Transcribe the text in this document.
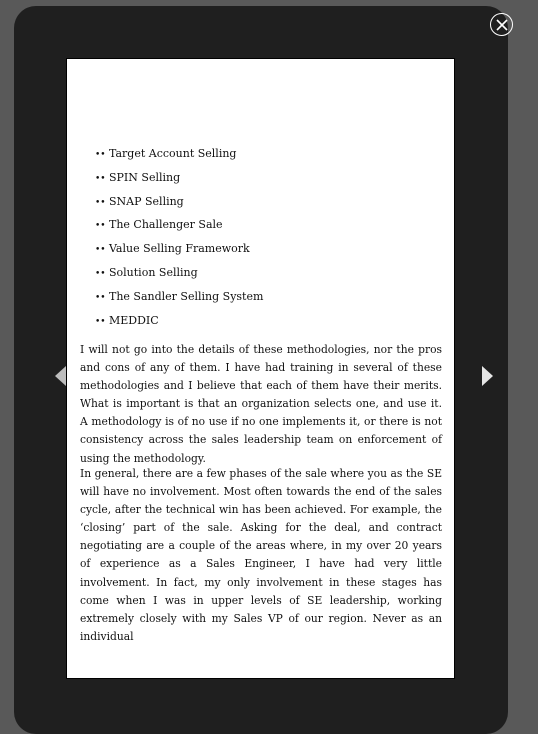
•• Target Account Selling
•• SPIN Selling
•• SNAP Selling
•• The Challenger Sale
•• Value Selling Framework
•• Solution Selling
•• The Sandler Selling System
•• MEDDIC

I will not go into the details of these methodologies, nor the pros and cons of any of them. I have had training in several of these methodologies and I believe that each of them have their merits. What is important is that an organization selects one, and use it. A methodology is of no use if no one implements it, or there is not consistency across the sales leadership team on enforcement of using the methodology.

In general, there are a few phases of the sale where you as the SE will have no involvement. Most often towards the end of the sales cycle, after the technical win has been achieved. For example, the ‘closing’ part of the sale. Asking for the deal, and contract negotiating are a couple of the areas where, in my over 20 years of experience as a Sales Engineer, I have had very little involvement. In fact, my only involvement in these stages has come when I was in upper levels of SE leadership, working extremely closely with my Sales VP of our region. Never as an individual
